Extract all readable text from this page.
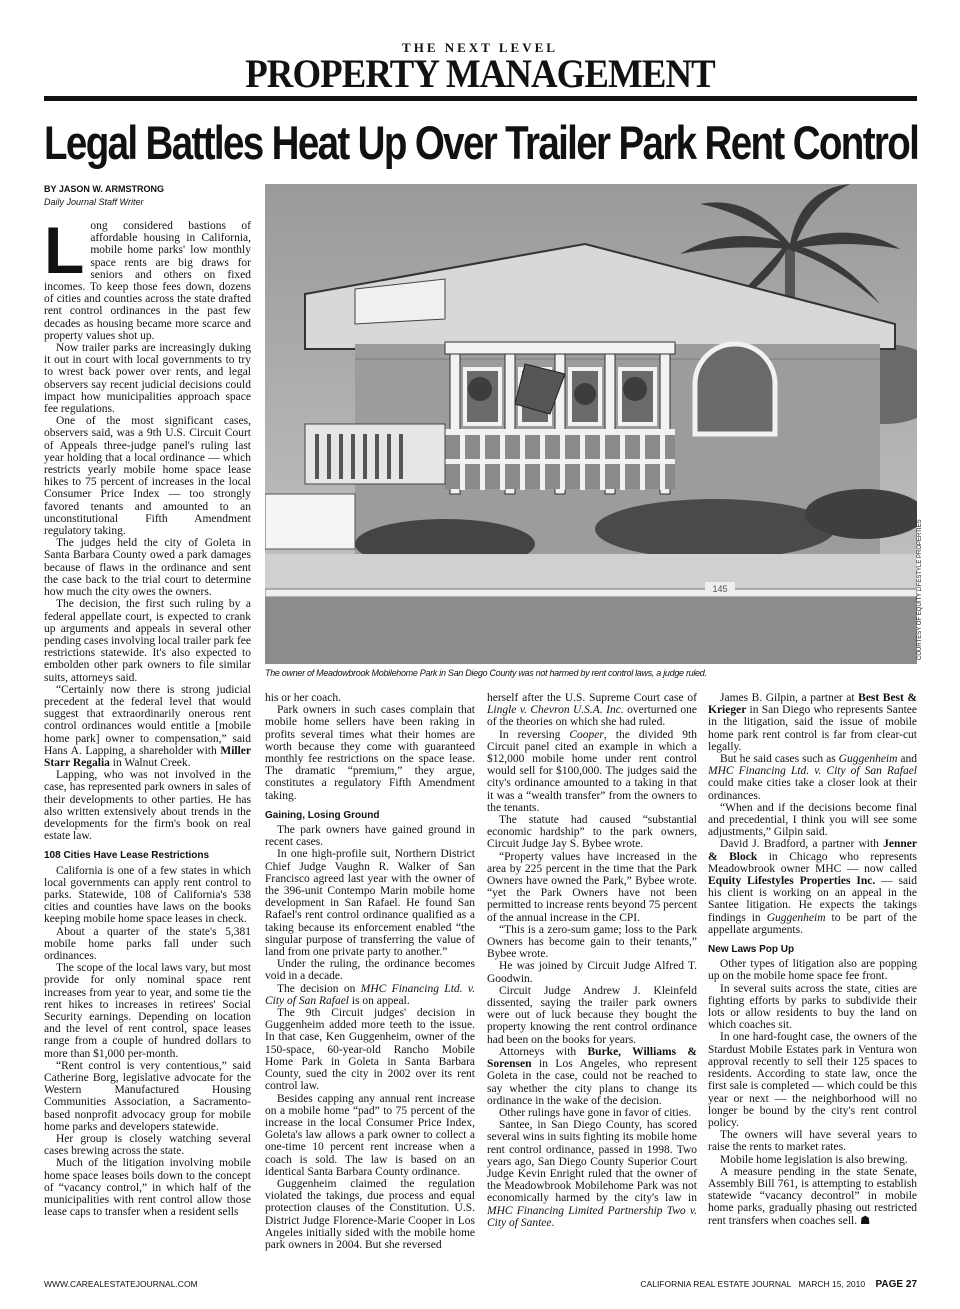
THE NEXT LEVEL
PROPERTY MANAGEMENT
Legal Battles Heat Up Over Trailer Park Rent Control
BY JASON W. ARMSTRONG
Daily Journal Staff Writer
145	COURTESY OF EQUITY LIFESTYLE PROPERTIES
The owner of Meadowbrook Mobilehome Park in San Diego County was not harmed by rent control laws, a judge ruled.

Long considered bastions of affordable housing in California, mobile home parks' low monthly space rents are big draws for seniors and others on fixed incomes. To keep those fees down, dozens of cities and counties across the state drafted rent control ordinances in the past few decades as housing became more scarce and property values shot up.

Now trailer parks are increasingly duking it out in court with local governments to try to wrest back power over rents, and legal observers say recent judicial decisions could impact how municipalities approach space fee regulations.

One of the most significant cases, observers said, was a 9th U.S. Circuit Court of Appeals three-judge panel's ruling last year holding that a local ordinance — which restricts yearly mobile home space lease hikes to 75 percent of increases in the local Consumer Price Index — too strongly favored tenants and amounted to an unconstitutional Fifth Amendment regulatory taking.

The judges held the city of Goleta in Santa Barbara County owed a park damages because of flaws in the ordinance and sent the case back to the trial court to determine how much the city owes the owners.

The decision, the first such ruling by a federal appellate court, is expected to crank up arguments and appeals in several other pending cases involving local trailer park fee restrictions statewide. It's also expected to embolden other park owners to file similar suits, attorneys said.

“Certainly now there is strong judicial precedent at the federal level that would suggest that extraordinarily onerous rent control ordinances would entitle a [mobile home park] owner to compensation,” said Hans A. Lapping, a shareholder with Miller Starr Regalia in Walnut Creek.

Lapping, who was not involved in the case, has represented park owners in sales of their developments to other parties. He has also written extensively about trends in the developments for the firm's book on real estate law.

108 Cities Have Lease Restrictions

California is one of a few states in which local governments can apply rent control to parks. Statewide, 108 of California's 538 cities and counties have laws on the books keeping mobile home space leases in check.

About a quarter of the state's 5,381 mobile home parks fall under such ordinances.

The scope of the local laws vary, but most provide for only nominal space rent increases from year to year, and some tie the rent hikes to increases in retirees' Social Security earnings. Depending on location and the level of rent control, space leases range from a couple of hundred dollars to more than $1,000 per-month.

“Rent control is very contentious,” said Catherine Borg, legislative advocate for the Western Manufactured Housing Communities Association, a Sacramento-based nonprofit advocacy group for mobile home parks and developers statewide.

Her group is closely watching several cases brewing across the state.

Much of the litigation involving mobile home space leases boils down to the concept of “vacancy control,” in which half of the municipalities with rent control allow those lease caps to transfer when a resident sells

his or her coach.

Park owners in such cases complain that mobile home sellers have been raking in profits several times what their homes are worth because they come with guaranteed monthly fee restrictions on the space lease. The dramatic “premium,” they argue, constitutes a regulatory Fifth Amendment taking.

Gaining, Losing Ground

The park owners have gained ground in recent cases.

In one high-profile suit, Northern District Chief Judge Vaughn R. Walker of San Francisco agreed last year with the owner of the 396-unit Contempo Marin mobile home development in San Rafael. He found San Rafael's rent control ordinance qualified as a taking because its enforcement enabled “the singular purpose of transferring the value of land from one private party to another.”

Under the ruling, the ordinance becomes void in a decade.

The decision on MHC Financing Ltd. v. City of San Rafael is on appeal.

The 9th Circuit judges' decision in Guggenheim added more teeth to the issue. In that case, Ken Guggenheim, owner of the 150-space, 60-year-old Rancho Mobile Home Park in Goleta in Santa Barbara County, sued the city in 2002 over its rent control law.

Besides capping any annual rent increase on a mobile home “pad” to 75 percent of the increase in the local Consumer Price Index, Goleta's law allows a park owner to collect a one-time 10 percent rent increase when a coach is sold. The law is based on an identical Santa Barbara County ordinance.

Guggenheim claimed the regulation violated the takings, due process and equal protection clauses of the Constitution. U.S. District Judge Florence-Marie Cooper in Los Angeles initially sided with the mobile home park owners in 2004. But she reversed

herself after the U.S. Supreme Court case of Lingle v. Chevron U.S.A. Inc. overturned one of the theories on which she had ruled.

In reversing Cooper, the divided 9th Circuit panel cited an example in which a $12,000 mobile home under rent control would sell for $100,000. The judges said the city's ordinance amounted to a taking in that it was a “wealth transfer” from the owners to the tenants.

The statute had caused “substantial economic hardship” to the park owners, Circuit Judge Jay S. Bybee wrote.

“Property values have increased in the area by 225 percent in the time that the Park Owners have owned the Park,” Bybee wrote. “yet the Park Owners have not been permitted to increase rents beyond 75 percent of the annual increase in the CPI.

“This is a zero-sum game; loss to the Park Owners has become gain to their tenants,” Bybee wrote.

He was joined by Circuit Judge Alfred T. Goodwin.

Circuit Judge Andrew J. Kleinfeld dissented, saying the trailer park owners were out of luck because they bought the property knowing the rent control ordinance had been on the books for years.

Attorneys with Burke, Williams & Sorensen in Los Angeles, who represent Goleta in the case, could not be reached to say whether the city plans to change its ordinance in the wake of the decision.

Other rulings have gone in favor of cities.

Santee, in San Diego County, has scored several wins in suits fighting its mobile home rent control ordinance, passed in 1998. Two years ago, San Diego County Superior Court Judge Kevin Enright ruled that the owner of the Meadowbrook Mobilehome Park was not economically harmed by the city's law in MHC Financing Limited Partnership Two v. City of Santee.

James B. Gilpin, a partner at Best Best & Krieger in San Diego who represents Santee in the litigation, said the issue of mobile home park rent control is far from clear-cut legally.

But he said cases such as Guggenheim and MHC Financing Ltd. v. City of San Rafael could make cities take a closer look at their ordinances.

“When and if the decisions become final and precedential, I think you will see some adjustments,” Gilpin said.

David J. Bradford, a partner with Jenner & Block in Chicago who represents Meadowbrook owner MHC — now called Equity Lifestyles Properties Inc. — said his client is working on an appeal in the Santee litigation. He expects the takings findings in Guggenheim to be part of the appellate arguments.

New Laws Pop Up

Other types of litigation also are popping up on the mobile home space fee front.

In several suits across the state, cities are fighting efforts by parks to subdivide their lots or allow residents to buy the land on which coaches sit.

In one hard-fought case, the owners of the Stardust Mobile Estates park in Ventura won approval recently to sell their 125 spaces to residents. According to state law, once the first sale is completed — which could be this year or next — the neighborhood will no longer be bound by the city's rent control policy.

The owners will have several years to raise the rents to market rates.

Mobile home legislation is also brewing.

A measure pending in the state Senate, Assembly Bill 761, is attempting to establish statewide “vacancy decontrol” in mobile home parks, gradually phasing out restricted rent transfers when coaches sell. ☗

WWW.CAREALESTATEJOURNAL.COM	CALIFORNIA REAL ESTATE JOURNAL MARCH 15, 2010 PAGE 27
